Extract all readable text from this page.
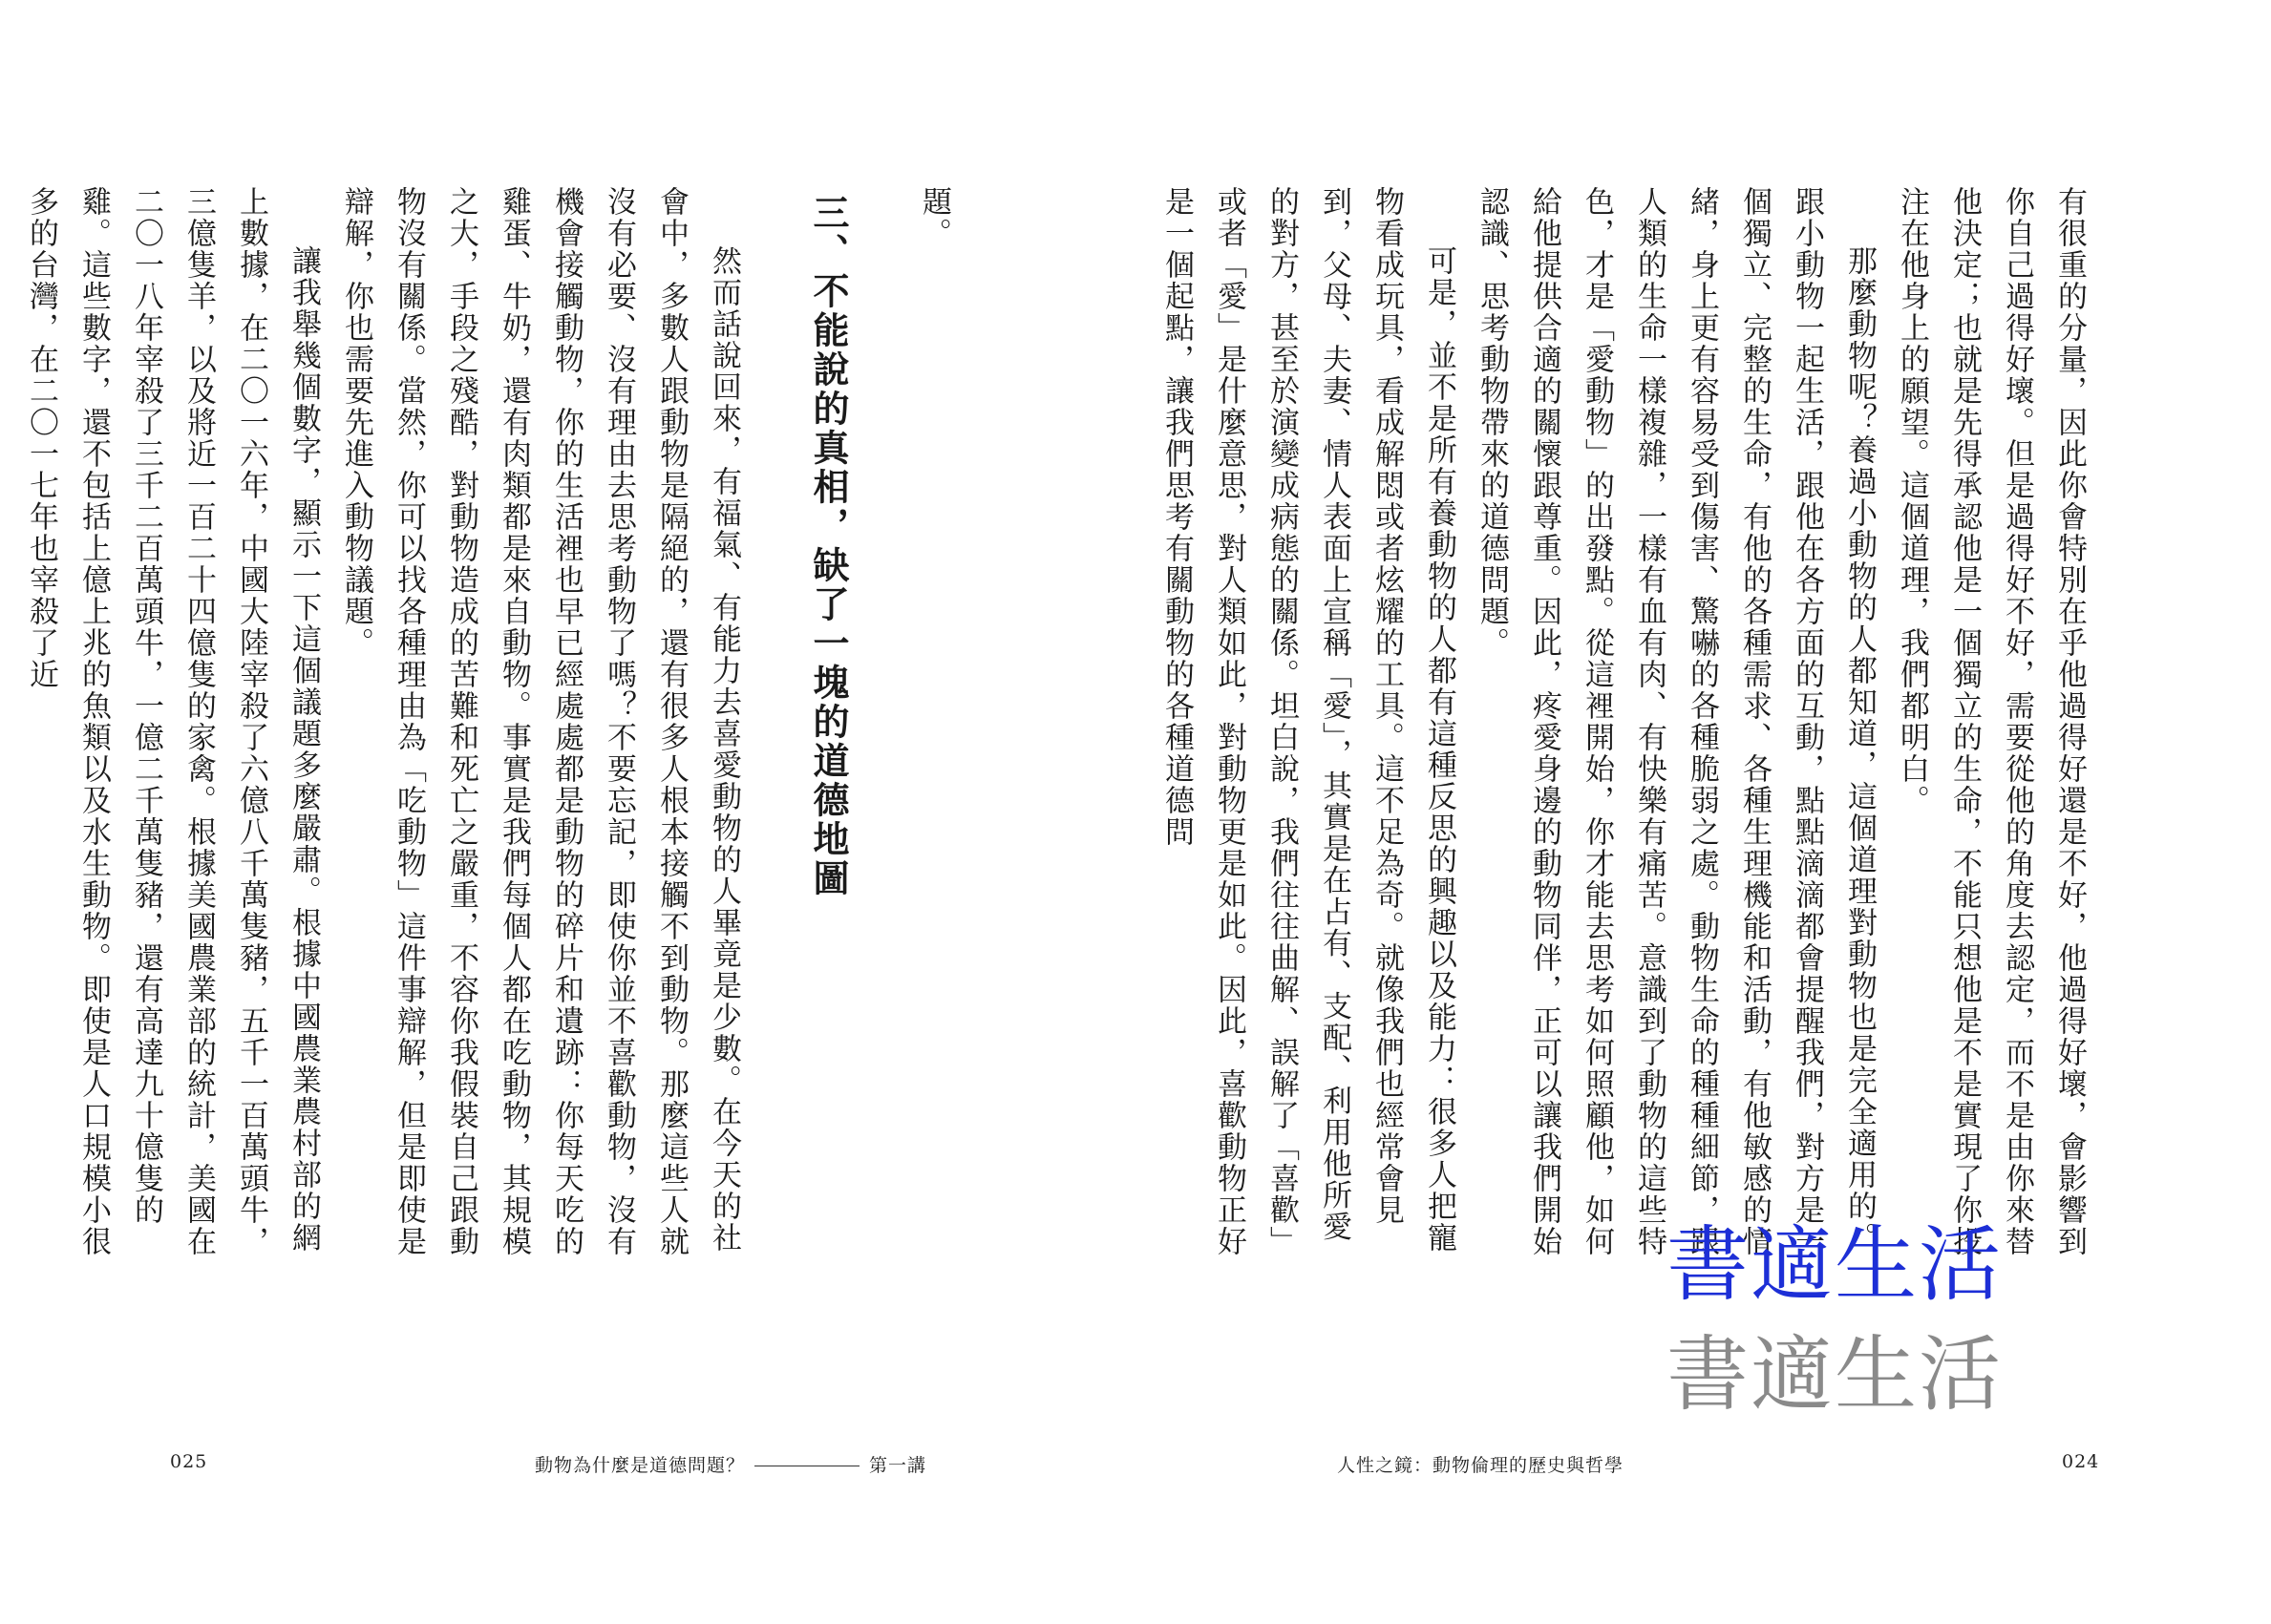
有很重的分量，因此你會特別在乎他過得好還是不好，他過得好壞，會影響到你自己過得好壞。但是過得好不好，需要從他的角度去認定，而不是由你來替他決定；也就是先得承認他是一個獨立的生命，不能只想他是不是實現了你投注在他身上的願望。這個道理，我們都明白。

那麼動物呢？養過小動物的人都知道，這個道理對動物也是完全適用的。跟小動物一起生活，跟他在各方面的互動，點點滴滴都會提醒我們，對方是一個獨立、完整的生命，有他的各種需求、各種生理機能和活動，有他敏感的情緒，身上更有容易受到傷害、驚嚇的各種脆弱之處。動物生命的種種細節，跟人類的生命一樣複雜，一樣有血有肉、有快樂有痛苦。意識到了動物的這些特色，才是「愛動物」的出發點。從這裡開始，你才能去思考如何照顧他，如何給他提供合適的關懷跟尊重。因此，疼愛身邊的動物同伴，正可以讓我們開始認識、思考動物帶來的道德問題。

可是，並不是所有養動物的人都有這種反思的興趣以及能力：很多人把寵物看成玩具，看成解悶或者炫耀的工具。這不足為奇。就像我們也經常會見到，父母、夫妻、情人表面上宣稱「愛」，其實是在占有、支配、利用他所愛的對方，甚至於演變成病態的關係。坦白說，我們往往曲解、誤解了「喜歡」或者「愛」是什麼意思，對人類如此，對動物更是如此。因此，喜歡動物正好是一個起點，讓我們思考有關動物的各種道德問

人性之鏡：動物倫理的歷史與哲學	024

題。

三、不能說的真相，缺了一塊的道德地圖

然而話說回來，有福氣、有能力去喜愛動物的人畢竟是少數。在今天的社會中，多數人跟動物是隔絕的，還有很多人根本接觸不到動物。那麼這些人就沒有必要、沒有理由去思考動物了嗎？不要忘記，即使你並不喜歡動物，沒有機會接觸動物，你的生活裡也早已經處處都是動物的碎片和遺跡：你每天吃的雞蛋、牛奶，還有肉類都是來自動物。事實是我們每個人都在吃動物，其規模之大，手段之殘酷，對動物造成的苦難和死亡之嚴重，不容你我假裝自己跟動物沒有關係。當然，你可以找各種理由為「吃動物」這件事辯解，但是即使是辯解，你也需要先進入動物議題。

讓我舉幾個數字，顯示一下這個議題多麼嚴肅。根據中國農業農村部的網上數據，在二〇一六年，中國大陸宰殺了六億八千萬隻豬，五千一百萬頭牛，三億隻羊，以及將近一百二十四億隻的家禽。根據美國農業部的統計，美國在二〇一八年宰殺了三千二百萬頭牛，一億二千萬隻豬，還有高達九十億隻的雞。這些數字，還不包括上億上兆的魚類以及水生動物。即使是人口規模小很多的台灣，在二〇一七年也宰殺了近

025	動物為什麼是道德問題？	第一講
書適生活
書適生活
